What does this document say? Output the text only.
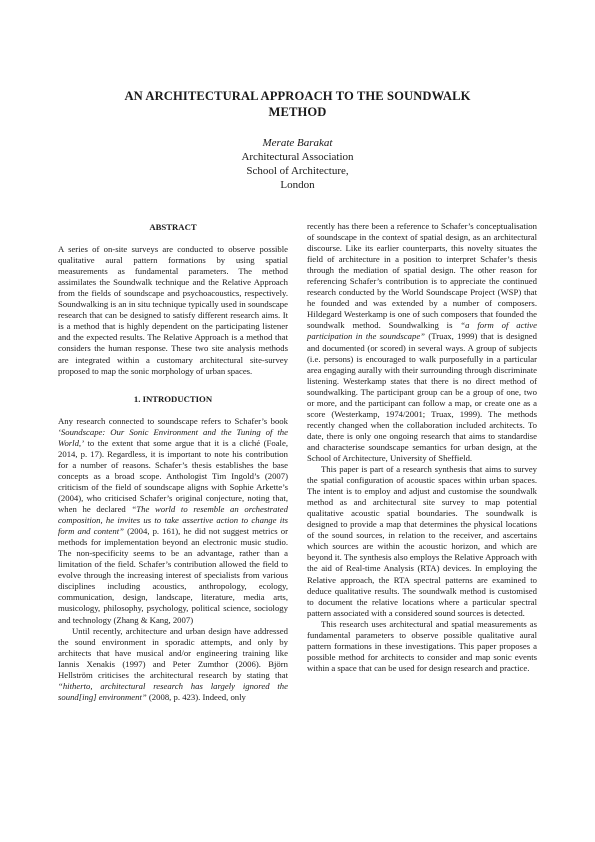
AN ARCHITECTURAL APPROACH TO THE SOUNDWALK
METHOD
Merate Barakat
Architectural Association
School of Architecture,
London
ABSTRACT

A series of on-site surveys are conducted to observe possible qualitative aural pattern formations by using spatial measurements as fundamental parameters. The method assimilates the Soundwalk technique and the Relative Approach from the fields of soundscape and psychoacoustics, respectively. Soundwalking is an in situ technique typically used in soundscape research that can be designed to satisfy different research aims. It is a method that is highly dependent on the participating listener and the expected results. The Relative Approach is a method that considers the human response. These two site analysis methods are integrated within a customary architectural site-survey proposed to map the sonic morphology of urban spaces.

1. INTRODUCTION

Any research connected to soundscape refers to Schafer’s book ‘Soundscape: Our Sonic Environment and the Tuning of the World,’ to the extent that some argue that it is a cliché (Foale, 2014, p. 17). Regardless, it is important to note his contribution for a number of reasons. Schafer’s thesis establishes the base concepts as a broad scope. Anthologist Tim Ingold’s (2007) criticism of the field of soundscape aligns with Sophie Arkette’s (2004), who criticised Schafer’s original conjecture, noting that, when he declared “The world to resemble an orchestrated composition, he invites us to take assertive action to change its form and content” (2004, p. 161), he did not suggest metrics or methods for implementation beyond an electronic music studio. The non-specificity seems to be an advantage, rather than a limitation of the field. Schafer’s contribution allowed the field to evolve through the increasing interest of specialists from various disciplines including acoustics, anthropology, ecology, communication, design, landscape, literature, media arts, musicology, philosophy, psychology, political science, sociology and technology (Zhang & Kang, 2007)

Until recently, architecture and urban design have addressed the sound environment in sporadic attempts, and only by architects that have musical and/or engineering training like Iannis Xenakis (1997) and Peter Zumthor (2006). Björn Hellström criticises the architectural research by stating that “hitherto, architectural research has largely ignored the sound[ing] environment” (2008, p. 423). Indeed, only

recently has there been a reference to Schafer’s conceptualisation of soundscape in the context of spatial design, as an architectural discourse. Like its earlier counterparts, this novelty situates the field of architecture in a position to interpret Schafer’s thesis through the mediation of spatial design. The other reason for referencing Schafer’s contribution is to appreciate the continued research conducted by the World Soundscape Project (WSP) that he founded and was extended by a number of composers. Hildegard Westerkamp is one of such composers that founded the soundwalk method. Soundwalking is “a form of active participation in the soundscape” (Truax, 1999) that is designed and documented (or scored) in several ways. A group of subjects (i.e. persons) is encouraged to walk purposefully in a particular area engaging aurally with their surrounding through discriminate listening. Westerkamp states that there is no direct method of soundwalking. The participant group can be a group of one, two or more, and the participant can follow a map, or create one as a score (Westerkamp, 1974/2001; Truax, 1999). The methods recently changed when the collaboration included architects. To date, there is only one ongoing research that aims to standardise and characterise soundscape semantics for urban design, at the School of Architecture, University of Sheffield.

This paper is part of a research synthesis that aims to survey the spatial configuration of acoustic spaces within urban spaces. The intent is to employ and adjust and customise the soundwalk method as and architectural site survey to map potential qualitative acoustic spatial boundaries. The soundwalk is designed to provide a map that determines the physical locations of the sound sources, in relation to the receiver, and ascertains which sources are within the acoustic horizon, and which are beyond it. The synthesis also employs the Relative Approach with the aid of Real-time Analysis (RTA) devices. In employing the Relative approach, the RTA spectral patterns are examined to deduce qualitative results. The soundwalk method is customised to document the relative locations where a particular spectral pattern associated with a considered sound sources is detected.

This research uses architectural and spatial measurements as fundamental parameters to observe possible qualitative aural pattern formations in these investigations. This paper proposes a possible method for architects to consider and map sonic events within a space that can be used for design research and practice.
